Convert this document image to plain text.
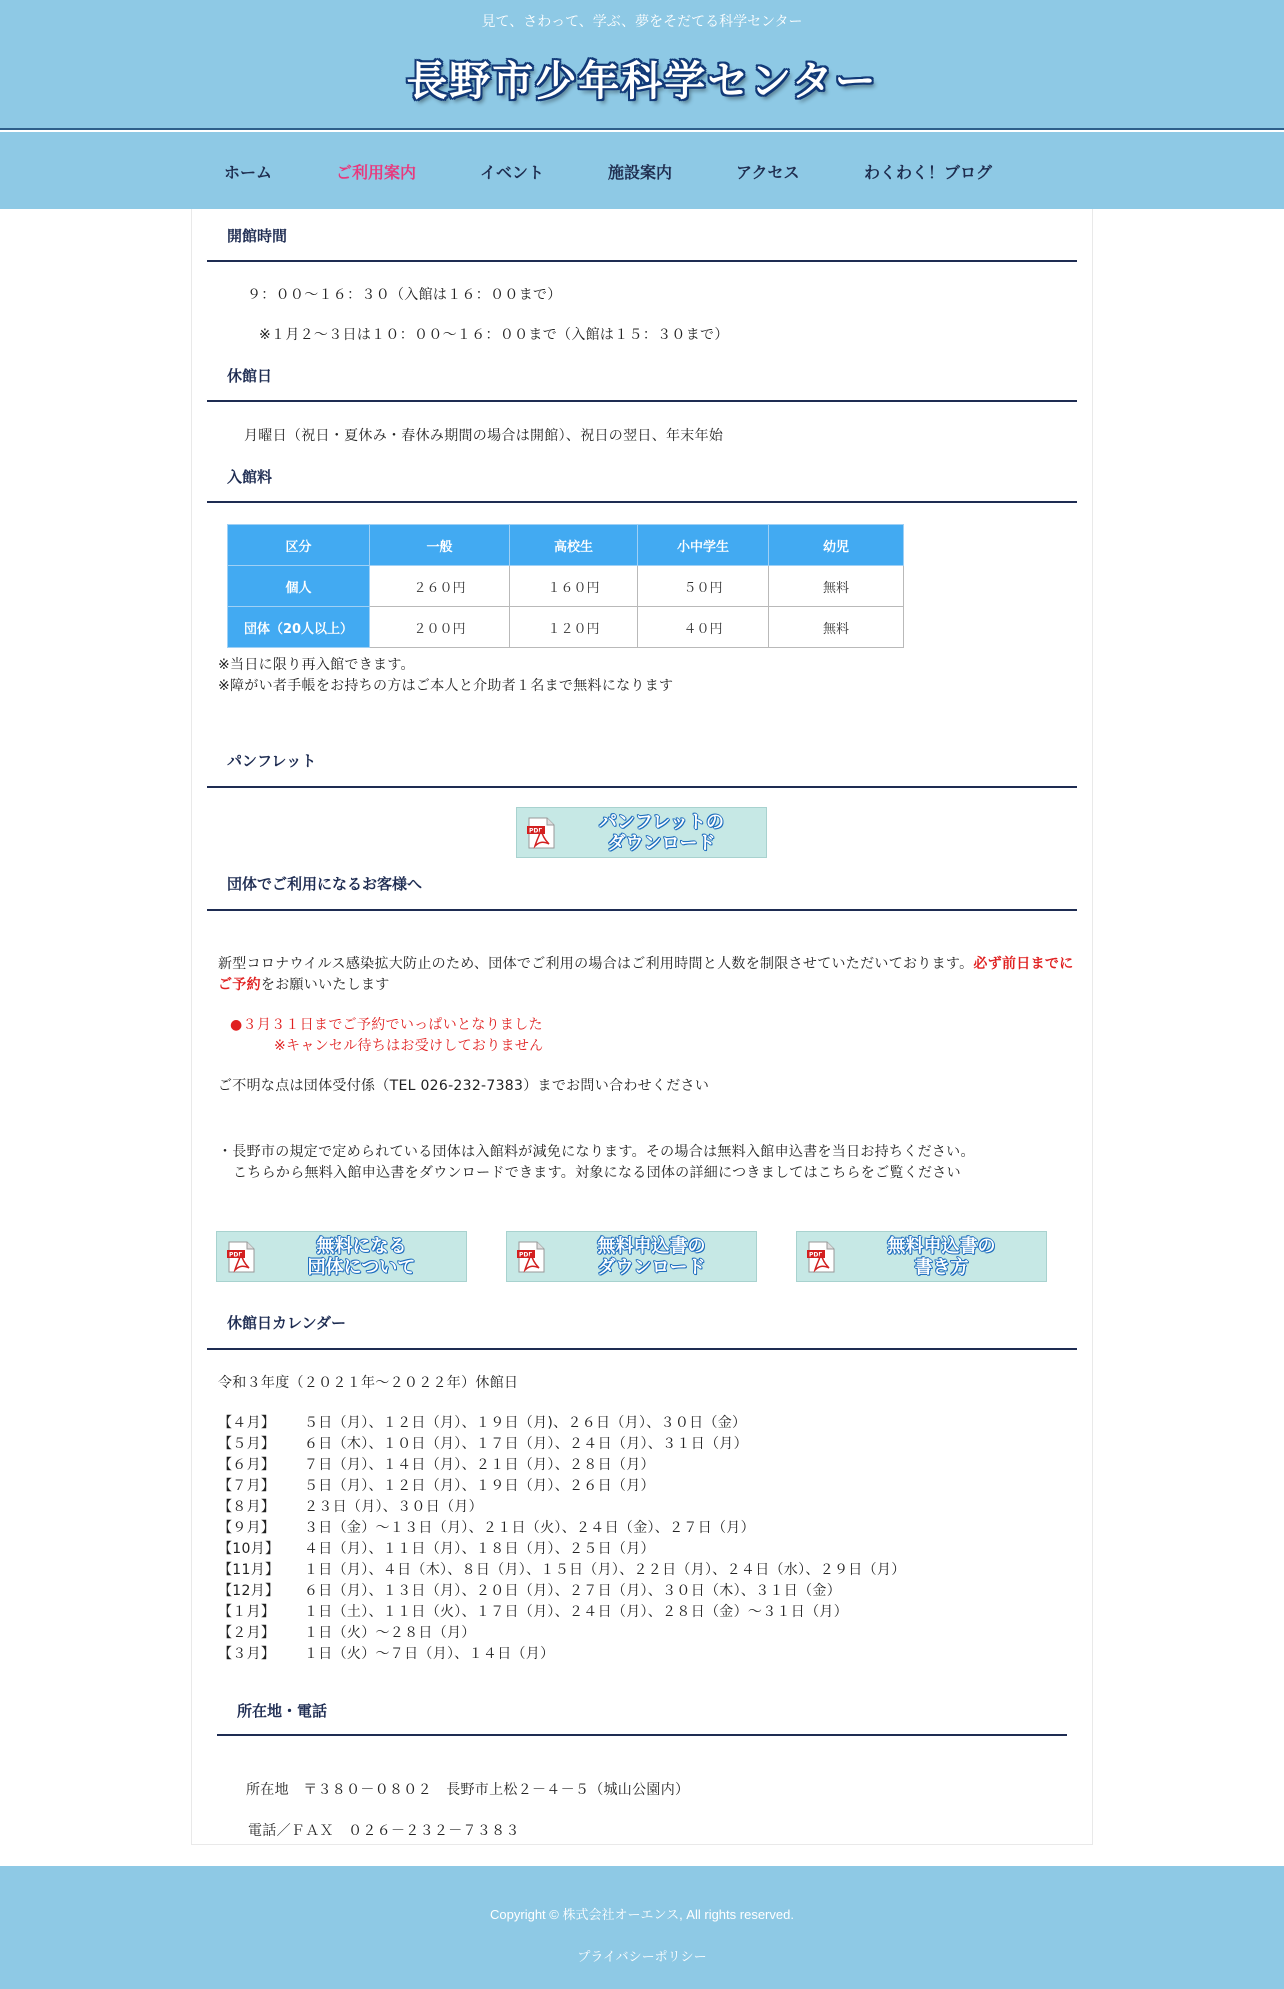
見て、さわって、学ぶ、夢をそだてる科学センター
長野市少年科学センター
ホーム	ご利用案内	イベント	施設案内	アクセス	わくわく！ブログ
開館時間
９：００～１６：３０（入館は１６：００まで）
※１月２～３日は１０：００～１６：００まで（入館は１５：３０まで）
休館日
月曜日（祝日・夏休み・春休み期間の場合は開館）、祝日の翌日、年末年始
入館料
区分	一般	高校生	小中学生	幼児
個人	２６０円	１６０円	５０円	無料
団体（20人以上）	２００円	１２０円	４０円	無料
※当日に限り再入館できます。
※障がい者手帳をお持ちの方はご本人と介助者１名まで無料になります
パンフレット
PDF	パンフレットの
ダウンロード
団体でご利用になるお客様へ
新型コロナウイルス感染拡大防止のため、団体でご利用の場合はご利用時間と人数を制限させていただいております。必ず前日までに
ご予約をお願いいたします
●３月３１日までご予約でいっぱいとなりました
※キャンセル待ちはお受けしておりません
ご不明な点は団体受付係（TEL 026-232-7383）までお問い合わせください
・長野市の規定で定められている団体は入館料が減免になります。その場合は無料入館申込書を当日お持ちください。
こちらから無料入館申込書をダウンロードできます。対象になる団体の詳細につきましてはこちらをご覧ください
PDF	無料になる
団体について
PDF	無料申込書の
ダウンロード
PDF	無料申込書の
書き方
休館日カレンダー
令和３年度（２０２１年～２０２２年）休館日
【４月】 ５日（月）、１２日（月）、１９日（月)、２６日（月）、３０日（金）
【５月】 ６日（木）、１０日（月）、１７日（月）、２４日（月）、３１日（月）
【６月】 ７日（月）、１４日（月）、２１日（月）、２８日（月）
【７月】 ５日（月）、１２日（月）、１９日（月）、２６日（月）
【８月】 ２３日（月）、３０日（月）
【９月】 ３日（金）～１３日（月）、２１日（火）、２４日（金）、２７日（月）
【10月】 ４日（月）、１１日（月）、１８日（月）、２５日（月）
【11月】 １日（月）、４日（木）、８日（月）、１５日（月）、２２日（月）、２４日（水）、２９日（月）
【12月】 ６日（月）、１３日（月）、２０日（月）、２７日（月）、３０日（木）、３１日（金）
【１月】 １日（土）、１１日（火）、１７日（月）、２４日（月）、２８日（金）～３１日（月）
【２月】 １日（火）～２８日（月）
【３月】 １日（火）～７日（月）、１４日（月）
所在地・電話
所在地　〒３８０－０８０２　長野市上松２－４－５（城山公園内）
電話／ＦＡＸ　０２６－２３２－７３８３
Copyright © 株式会社オーエンス, All rights reserved.
プライバシーポリシー
